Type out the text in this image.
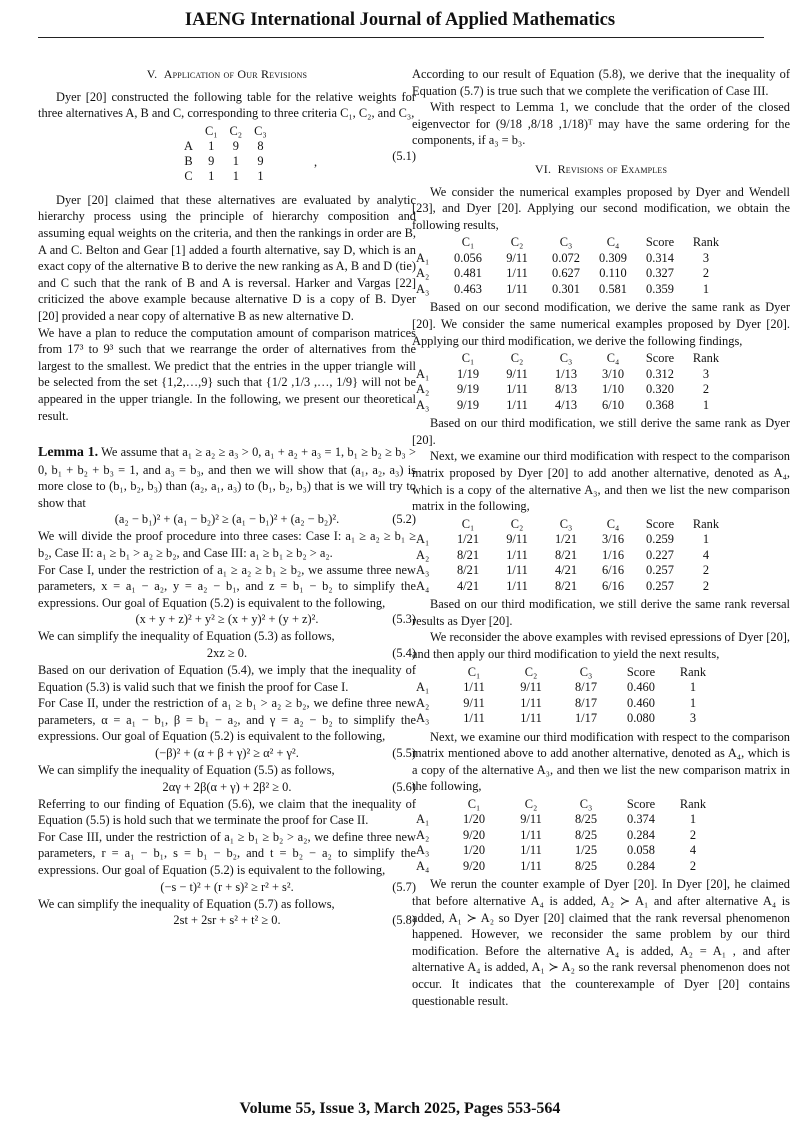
IAENG International Journal of Applied Mathematics
V. Application of Our Revisions

Dyer [20] constructed the following table for the relative weights for three alternatives A, B and C, corresponding to three criteria C₁, C₂, and C₃,

	C₁	C₂	C₃
A	1	9	8
B	9	1	9
C	1	1	1
,	(5.1)

Dyer [20] claimed that these alternatives are evaluated by analytic hierarchy process using the principle of hierarchy composition and assuming equal weights on the criteria, and then the rankings in order are B, A and C. Belton and Gear [1] added a fourth alternative, say D, which is an exact copy of the alternative B to derive the new ranking as A, B and D (tie) and C such that the rank of B and A is reversal. Harker and Vargas [22] criticized the above example because alternative D is a copy of B. Dyer [20] provided a near copy of alternative B as new alternative D.

We have a plan to reduce the computation amount of comparison matrices from 17³ to 9³ such that we rearrange the order of alternatives from the largest to the smallest. We predict that the entries in the upper triangle will be selected from the set {1,2,…,9} such that {1/2 ,1/3 ,…, 1/9} will not be appeared in the upper triangle. In the following, we present our theoretical result.

Lemma 1. We assume that a₁ ≥ a₂ ≥ a₃ > 0, a₁ + a₂ + a₃ = 1, b₁ ≥ b₂ ≥ b₃ > 0, b₁ + b₂ + b₃ = 1, and a₃ = b₃, and then we will show that (a₁, a₂, a₃) is more close to (b₁, b₂, b₃) than (a₂, a₁, a₃) to (b₁, b₂, b₃) that is we will try to show that

(a₂ − b₁)² + (a₁ − b₂)² ≥ (a₁ − b₁)² + (a₂ − b₂)².	(5.2)

We will divide the proof procedure into three cases: Case I: a₁ ≥ a₂ ≥ b₁ ≥ b₂, Case II: a₁ ≥ b₁ > a₂ ≥ b₂, and Case III: a₁ ≥ b₁ ≥ b₂ > a₂.

For Case I, under the restriction of a₁ ≥ a₂ ≥ b₁ ≥ b₂, we assume three new parameters, x = a₁ − a₂, y = a₂ − b₁, and z = b₁ − b₂ to simplify the expressions. Our goal of Equation (5.2) is equivalent to the following,

(x + y + z)² + y² ≥ (x + y)² + (y + z)².	(5.3)

We can simplify the inequality of Equation (5.3) as follows,

2xz ≥ 0.	(5.4)

Based on our derivation of Equation (5.4), we imply that the inequality of Equation (5.3) is valid such that we finish the proof for Case I.

For Case II, under the restriction of a₁ ≥ b₁ > a₂ ≥ b₂, we define three new parameters, α = a₁ − b₁, β = b₁ − a₂, and γ = a₂ − b₂ to simplify the expressions. Our goal of Equation (5.2) is equivalent to the following,

(−β)² + (α + β + γ)² ≥ α² + γ².	(5.5)

We can simplify the inequality of Equation (5.5) as follows,

2αγ + 2β(α + γ) + 2β² ≥ 0.	(5.6)

Referring to our finding of Equation (5.6), we claim that the inequality of Equation (5.5) is hold such that we terminate the proof for Case II.

For Case III, under the restriction of a₁ ≥ b₁ ≥ b₂ > a₂, we define three new parameters, r = a₁ − b₁, s = b₁ − b₂, and t = b₂ − a₂ to simplify the expressions. Our goal of Equation (5.2) is equivalent to the following,

(−s − t)² + (r + s)² ≥ r² + s².	(5.7)

We can simplify the inequality of Equation (5.7) as follows,

2st + 2sr + s² + t² ≥ 0.	(5.8)

According to our result of Equation (5.8), we derive that the inequality of Equation (5.7) is true such that we complete the verification of Case III.

With respect to Lemma 1, we conclude that the order of the closed eigenvector for (9/18 ,8/18 ,1/18)ᵀ may have the same ordering for the components, if a₃ = b₃.

VI. Revisions of Examples

We consider the numerical examples proposed by Dyer and Wendell [23], and Dyer [20]. Applying our second modification, we obtain the following results,

	C₁	C₂	C₃	C₄	Score	Rank
A₁	0.056	9/11	0.072	0.309	0.314	3
A₂	0.481	1/11	0.627	0.110	0.327	2
A₃	0.463	1/11	0.301	0.581	0.359	1

Based on our second modification, we derive the same rank as Dyer [20]. We consider the same numerical examples proposed by Dyer [20]. Applying our third modification, we derive the following findings,

	C₁	C₂	C₃	C₄	Score	Rank
A₁	1/19	9/11	1/13	3/10	0.312	3
A₂	9/19	1/11	8/13	1/10	0.320	2
A₃	9/19	1/11	4/13	6/10	0.368	1

Based on our third modification, we still derive the same rank as Dyer [20].

Next, we examine our third modification with respect to the comparison matrix proposed by Dyer [20] to add another alternative, denoted as A₄, which is a copy of the alternative A₃, and then we list the new comparison matrix in the following,

	C₁	C₂	C₃	C₄	Score	Rank
A₁	1/21	9/11	1/21	3/16	0.259	1
A₂	8/21	1/11	8/21	1/16	0.227	4
A₃	8/21	1/11	4/21	6/16	0.257	2
A₄	4/21	1/11	8/21	6/16	0.257	2

Based on our third modification, we still derive the same rank reversal results as Dyer [20].

We reconsider the above examples with revised epressions of Dyer [20], and then apply our third modification to yield the next results,

	C₁	C₂	C₃	Score	Rank
A₁	1/11	9/11	8/17	0.460	1
A₂	9/11	1/11	8/17	0.460	1
A₃	1/11	1/11	1/17	0.080	3

Next, we examine our third modification with respect to the comparison matrix mentioned above to add another alternative, denoted as A₄, which is a copy of the alternative A₃, and then we list the new comparison matrix in the following,

	C₁	C₂	C₃	Score	Rank
A₁	1/20	9/11	8/25	0.374	1
A₂	9/20	1/11	8/25	0.284	2
A₃	1/20	1/11	1/25	0.058	4
A₄	9/20	1/11	8/25	0.284	2

We rerun the counter example of Dyer [20]. In Dyer [20], he claimed that before alternative A₄ is added, A₂ ≻ A₁ and after alternative A₄ is added, A₁ ≻ A₂ so Dyer [20] claimed that the rank reversal phenomenon happened. However, we reconsider the same problem by our third modification. Before the alternative A₄ is added, A₂ = A₁ , and after alternative A₄ is added, A₁ ≻ A₂ so the rank reversal phenomenon does not occur. It indicates that the counterexample of Dyer [20] contains questionable result.

Volume 55, Issue 3, March 2025, Pages 553-564
